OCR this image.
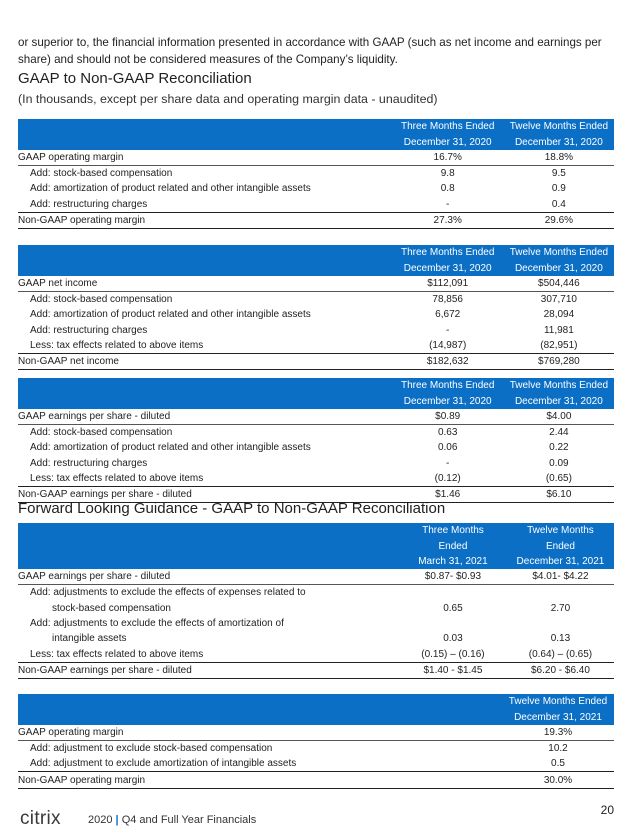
or superior to, the financial information presented in accordance with GAAP (such as net income and earnings per share) and should not be considered measures of the Company’s liquidity.
GAAP to Non-GAAP Reconciliation
(In thousands, except per share data and operating margin data - unaudited)
	Three Months Ended	Twelve Months Ended
	December 31, 2020	December 31, 2020
GAAP operating margin	16.7%	18.8%
Add: stock-based compensation	9.8	9.5
Add: amortization of product related and other intangible assets	0.8	0.9
Add: restructuring charges	-	0.4
Non-GAAP operating margin	27.3%	29.6%
	Three Months Ended	Twelve Months Ended
	December 31, 2020	December 31, 2020
GAAP net income	$112,091	$504,446
Add: stock-based compensation	78,856	307,710
Add: amortization of product related and other intangible assets	6,672	28,094
Add: restructuring charges	-	11,981
Less: tax effects related to above items	(14,987)	(82,951)
Non-GAAP net income	$182,632	$769,280
	Three Months Ended	Twelve Months Ended
	December 31, 2020	December 31, 2020
GAAP earnings per share - diluted	$0.89	$4.00
Add: stock-based compensation	0.63	2.44
Add: amortization of product related and other intangible assets	0.06	0.22
Add: restructuring charges	-	0.09
Less: tax effects related to above items	(0.12)	(0.65)
Non-GAAP earnings per share - diluted	$1.46	$6.10
Forward Looking Guidance - GAAP to Non-GAAP Reconciliation
	Three Months	Twelve Months
	Ended	Ended
	March 31, 2021	December 31, 2021
GAAP earnings per share - diluted	$0.87- $0.93	$4.01- $4.22
Add: adjustments to exclude the effects of expenses related to		
stock-based compensation	0.65	2.70
Add: adjustments to exclude the effects of amortization of		
intangible assets	0.03	0.13
Less: tax effects related to above items	(0.15) – (0.16)	(0.64) – (0.65)
Non-GAAP earnings per share - diluted	$1.40 - $1.45	$6.20 - $6.40
	Twelve Months Ended
	December 31, 2021
GAAP operating margin	19.3%
Add: adjustment to exclude stock-based compensation	10.2
Add: adjustment to exclude amortization of intangible assets	0.5
Non-GAAP operating margin	30.0%
citrix 2020 | Q4 and Full Year Financials
20
